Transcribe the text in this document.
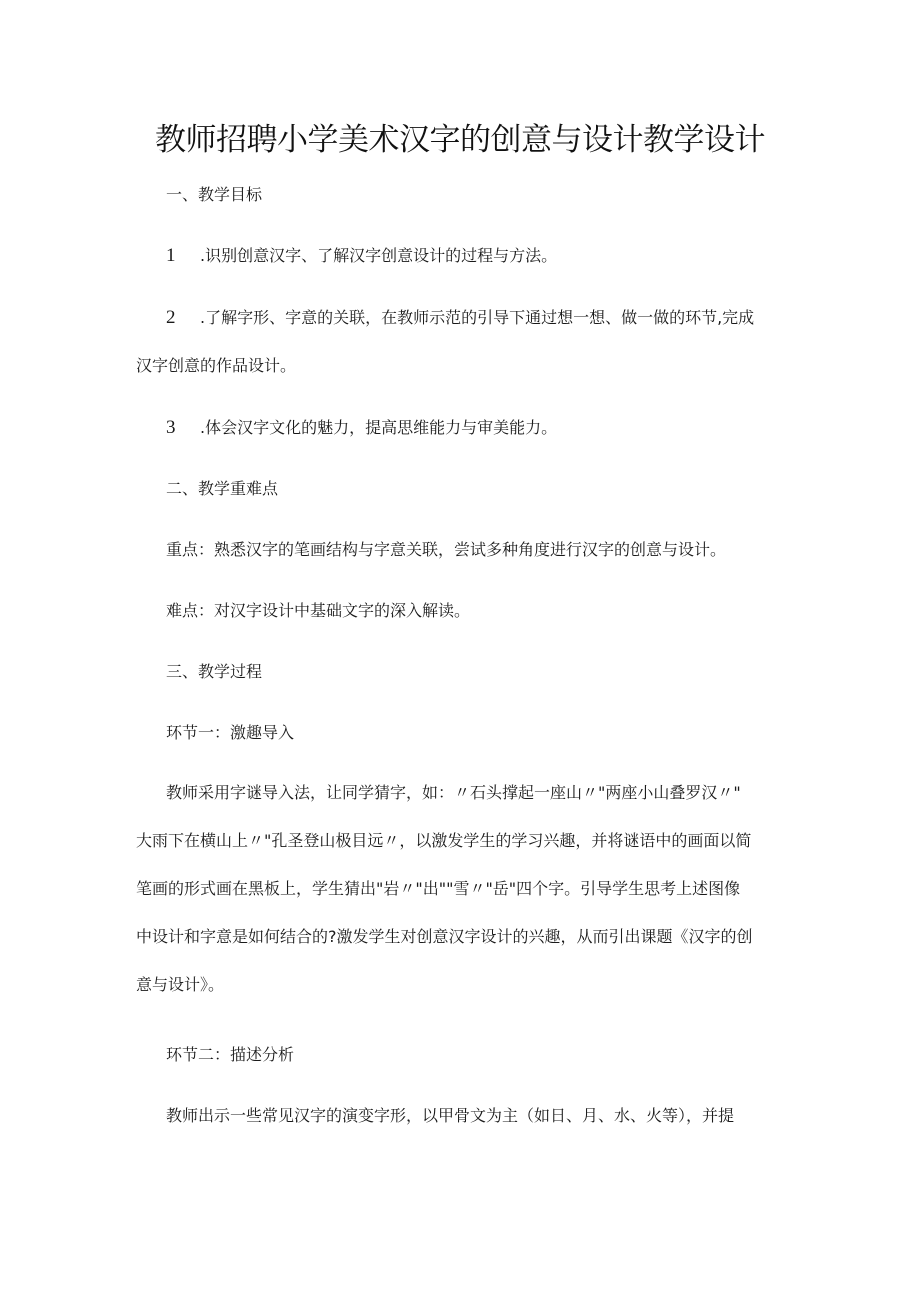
教师招聘小学美术汉字的创意与设计教学设计
一、教学目标
1 .识别创意汉字、了解汉字创意设计的过程与方法。
2 .了解字形、字意的关联，在教师示范的引导下通过想一想、做一做的环节,完成
汉字创意的作品设计。
3 .体会汉字文化的魅力，提高思维能力与审美能力。
二、教学重难点
重点：熟悉汉字的笔画结构与字意关联，尝试多种角度进行汉字的创意与设计。
难点：对汉字设计中基础文字的深入解读。
三、教学过程
环节一：激趣导入
教师采用字谜导入法，让同学猜字，如：〃石头撑起一座山〃"两座小山叠罗汉〃"
大雨下在横山上〃"孔圣登山极目远〃，以激发学生的学习兴趣，并将谜语中的画面以简
笔画的形式画在黑板上，学生猜出"岩〃"出""雪〃"岳"四个字。引导学生思考上述图像
中设计和字意是如何结合的?激发学生对创意汉字设计的兴趣，从而引出课题《汉字的创
意与设计》。
环节二：描述分析
教师出示一些常见汉字的演变字形，以甲骨文为主（如日、月、水、火等），并提
